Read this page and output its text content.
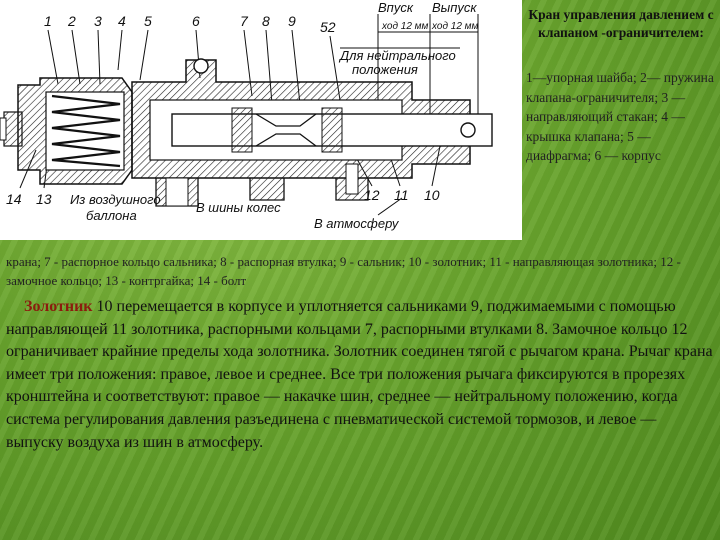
1 2 3 4 5	6	7 8 9 52
Впуск Выпуск
ход 12 мм ход 12 мм
Для нейтрального
положения
14 13	12 11 10
Из воздушного
баллона
В шины колес
В атмосферу
Кран управления давлением с клапаном -ограничителем:
1—упорная шайба; 2— пружина клапана-ограничителя; 3 — направляющий стакан; 4 — крышка клапана; 5 — диафрагма; 6 — корпус
крана; 7 - распорное кольцо сальника; 8 - распорная втулка; 9 - сальник; 10 - золотник; 11 - направляющая золотника; 12 - замочное кольцо; 13 - контргайка; 14 - болт
Золотник 10 перемещается в корпусе и уплотняется сальниками 9, поджимаемыми с помощью направляющей 11 золотника, распорными кольцами 7, распорными втулками 8. Замочное кольцо 12 ограничивает крайние пределы хода золотника. Золотник соединен тягой с рычагом крана. Рычаг крана имеет три положения: правое, левое и среднее. Все три положения рычага фиксируются в прорезях кронштейна и соответствуют: правое — накачке шин, среднее — нейтральному положению, когда система регулирования давления разъединена с пневматической системой тормозов, и левое — выпуску воздуха из шин в атмосферу.
